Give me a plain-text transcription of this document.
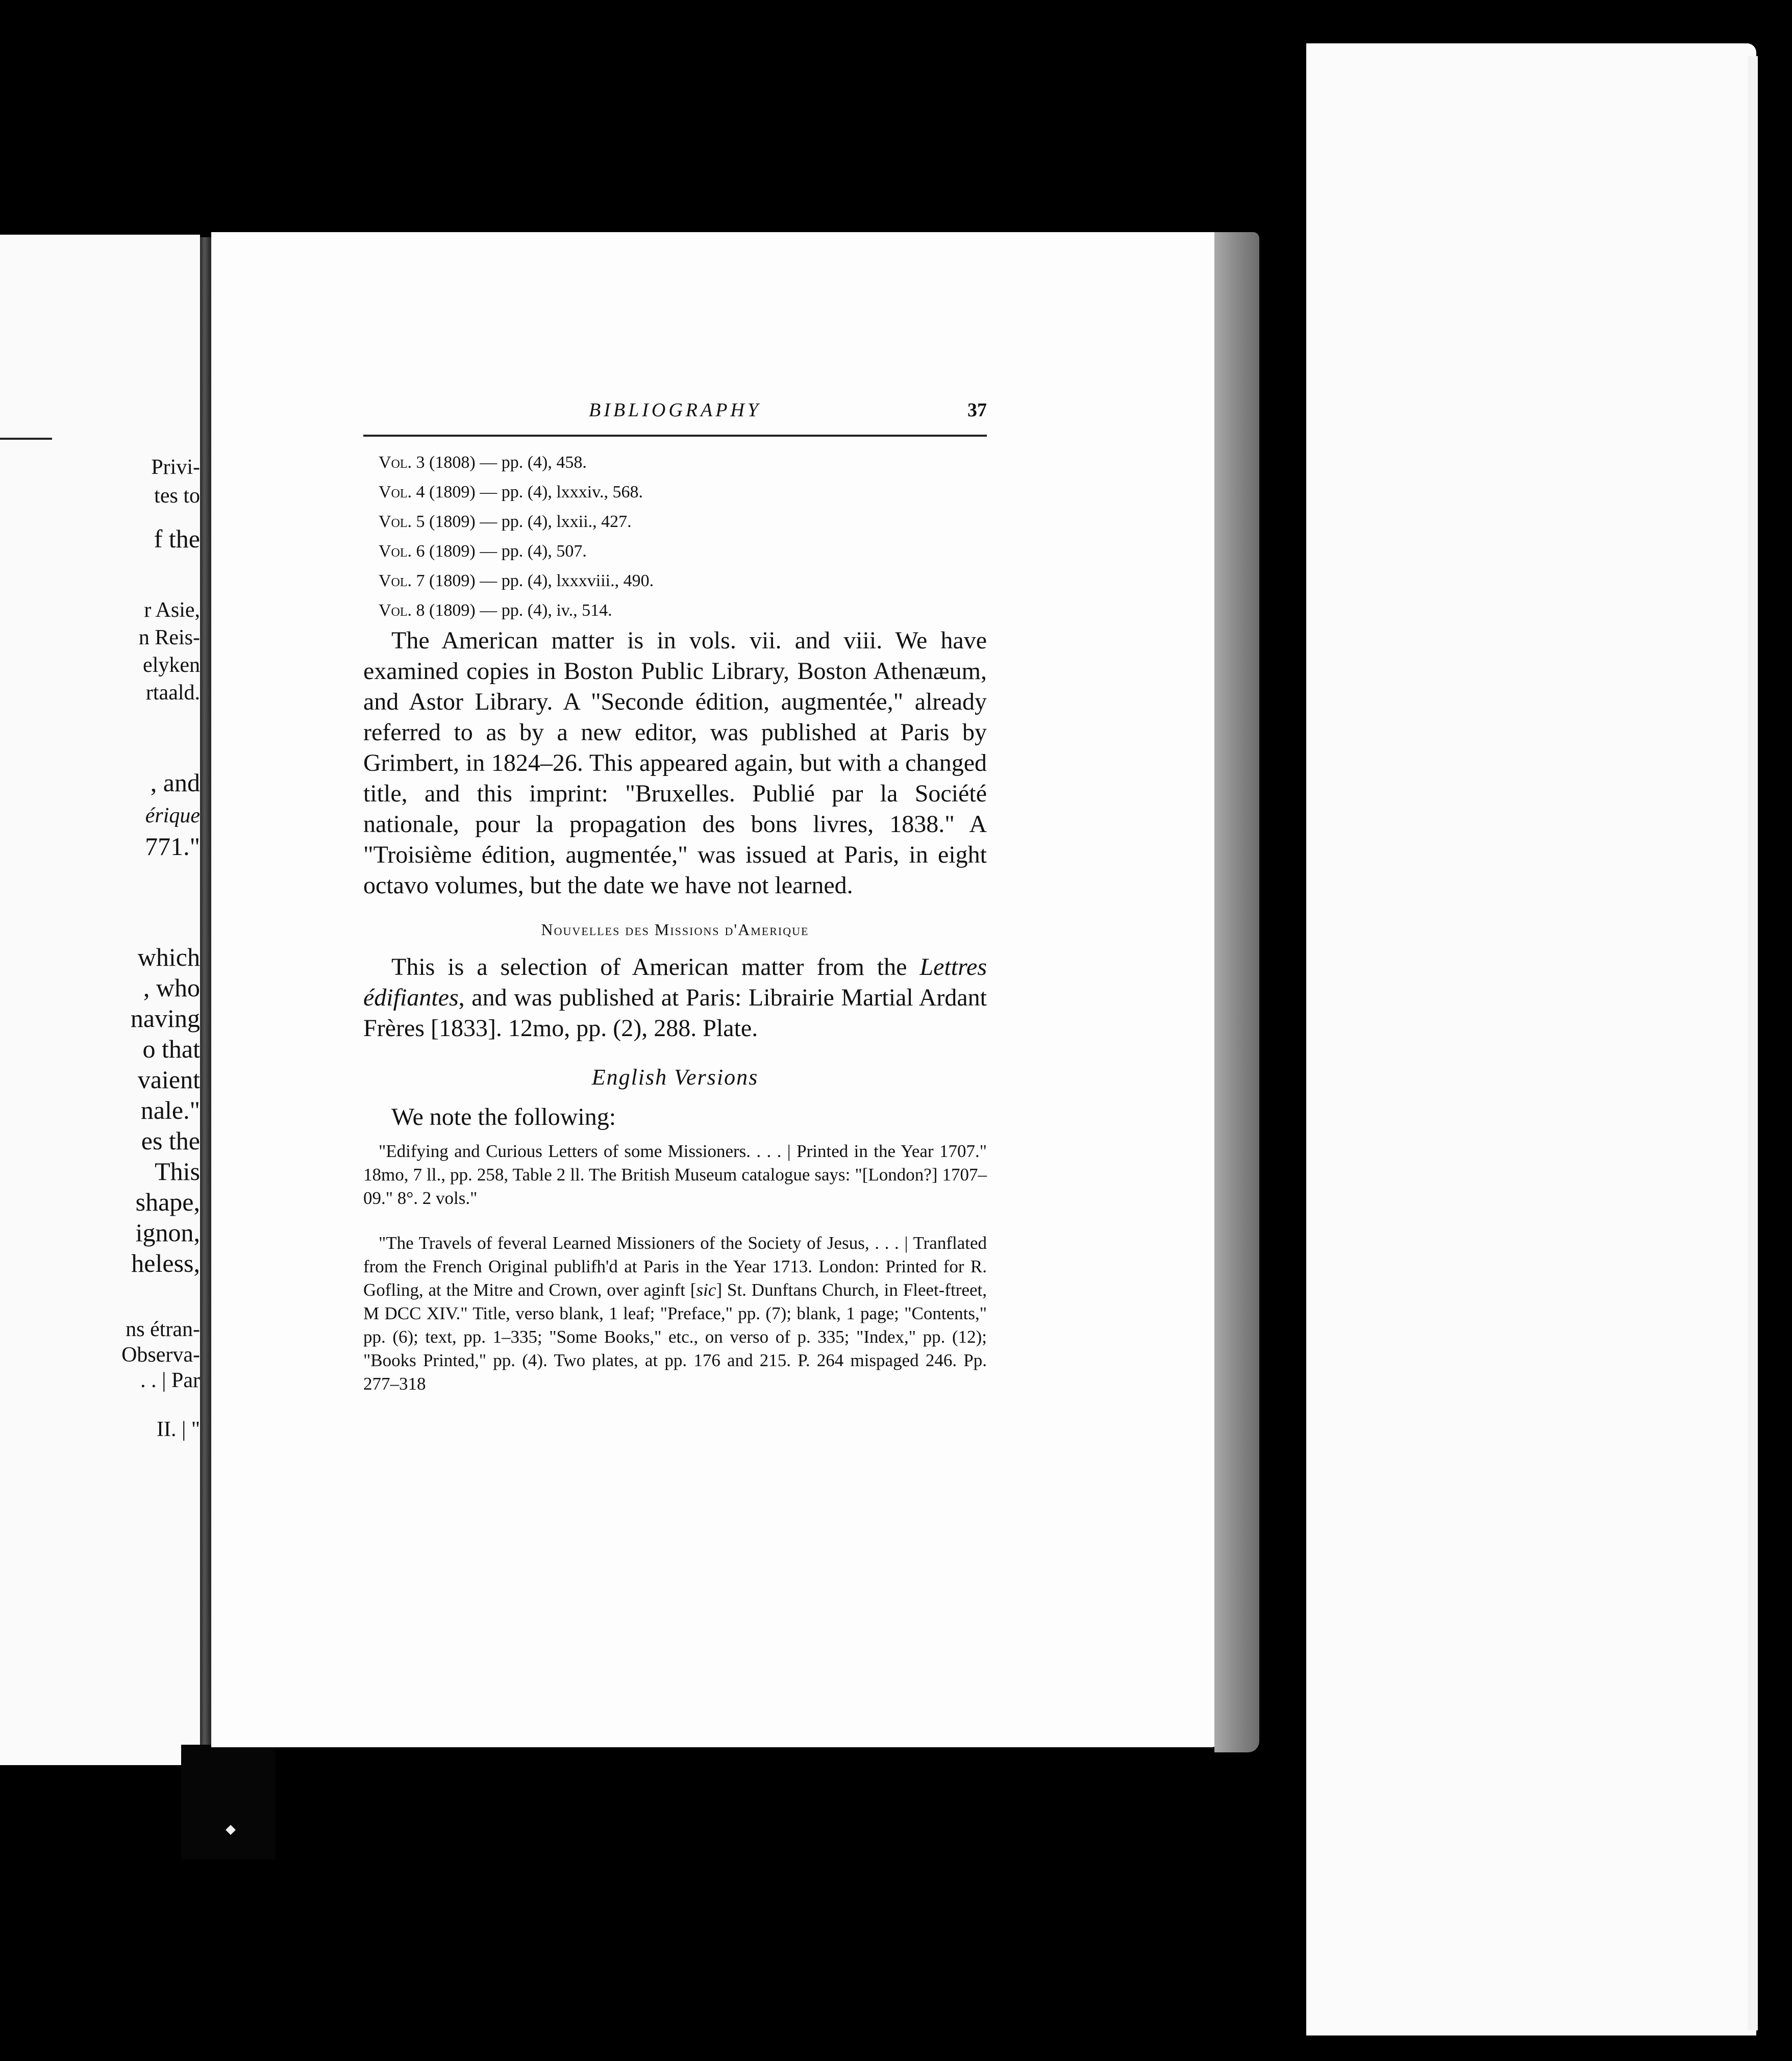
Privi-
tes to
f the
r Asie,
n Reis-
elyken
rtaald.
, and
érique
771."
which
, who
naving
o that
vaient
nale."
es the
This
shape,
ignon,
heless,
ns étran-
Observa-
. . | Par
II. | "
BIBLIOGRAPHY	37
Vol. 3 (1808) — pp. (4), 458.
Vol. 4 (1809) — pp. (4), lxxxiv., 568.
Vol. 5 (1809) — pp. (4), lxxii., 427.
Vol. 6 (1809) — pp. (4), 507.
Vol. 7 (1809) — pp. (4), lxxxviii., 490.
Vol. 8 (1809) — pp. (4), iv., 514.

The American matter is in vols. vii. and viii. We have examined copies in Boston Public Library, Boston Athenæum, and Astor Library. A "Seconde édition, augmentée," already referred to as by a new editor, was published at Paris by Grimbert, in 1824–26. This appeared again, but with a changed title, and this imprint: "Bruxelles. Publié par la Société nationale, pour la propagation des bons livres, 1838." A "Troisième édition, augmentée," was issued at Paris, in eight octavo volumes, but the date we have not learned.

Nouvelles des Missions d'Amerique

This is a selection of American matter from the Lettres édifiantes, and was published at Paris: Librairie Martial Ardant Frères [1833]. 12mo, pp. (2), 288. Plate.

English Versions

We note the following:

"Edifying and Curious Letters of some Missioners. . . . | Printed in the Year 1707." 18mo, 7 ll., pp. 258, Table 2 ll. The British Museum catalogue says: "[London?] 1707–09." 8°. 2 vols."

"The Travels of feveral Learned Missioners of the Society of Jesus, . . . | Tranflated from the French Original publifh'd at Paris in the Year 1713. London: Printed for R. Gofling, at the Mitre and Crown, over aginft [sic] St. Dunftans Church, in Fleet-ftreet, M DCC XIV." Title, verso blank, 1 leaf; "Preface," pp. (7); blank, 1 page; "Contents," pp. (6); text, pp. 1–335; "Some Books," etc., on verso of p. 335; "Index," pp. (12); "Books Printed," pp. (4). Two plates, at pp. 176 and 215. P. 264 mispaged 246. Pp. 277–318
